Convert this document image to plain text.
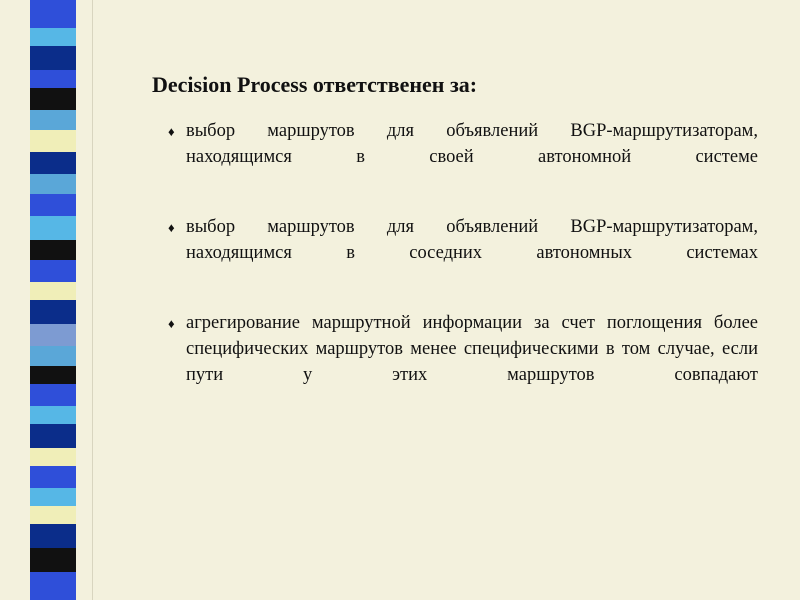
Decision Process ответственен за:
♦ выбор маршрутов для объявлений BGP-маршрутизаторам, находящимся в своей автономной системе
♦ выбор маршрутов для объявлений BGP-маршрутизаторам, находящимся в соседних автономных системах
♦ агрегирование маршрутной информации за счет поглощения более специфических маршрутов менее специфическими в том случае, если пути у этих маршрутов совпадают
